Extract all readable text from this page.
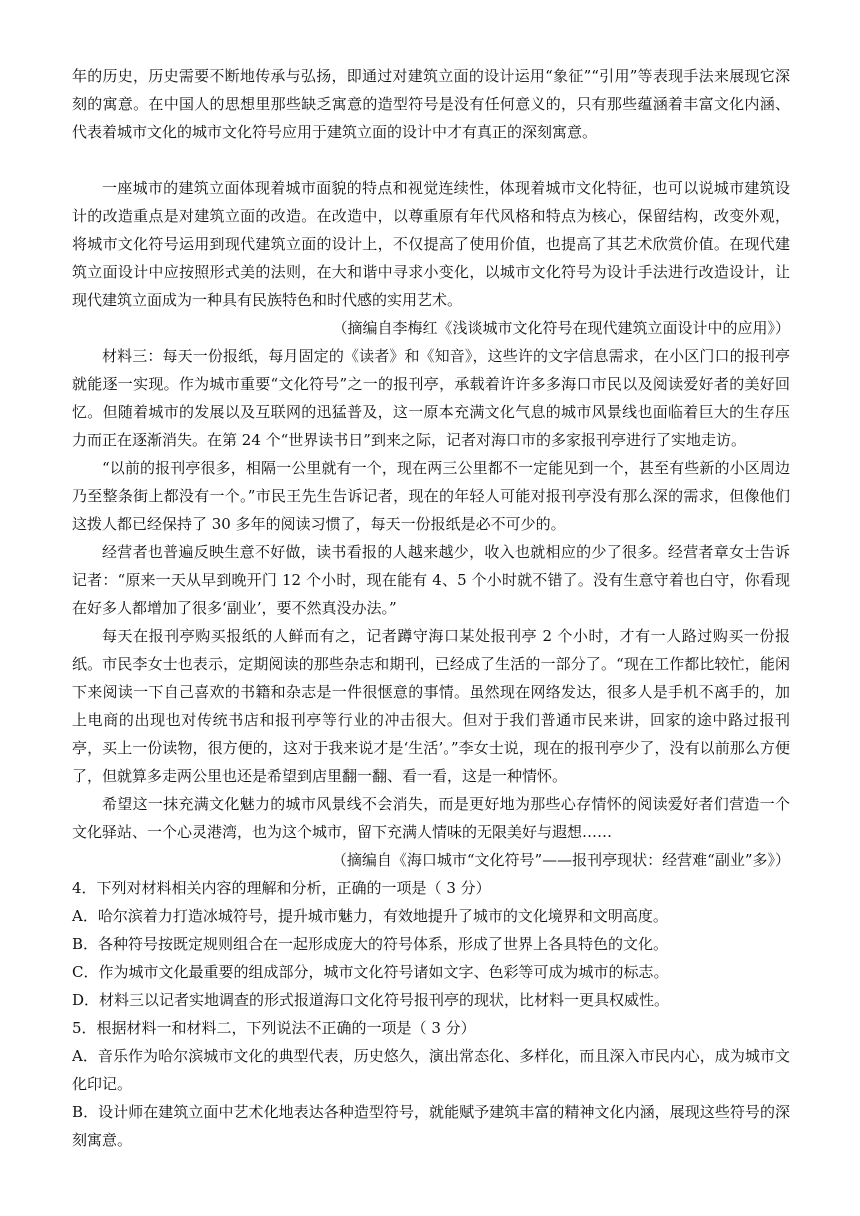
年的历史，历史需要不断地传承与弘扬，即通过对建筑立面的设计运用“象征”“引用”等表现手法来展现它深刻的寓意。在中国人的思想里那些缺乏寓意的造型符号是没有任何意义的，只有那些蕴涵着丰富文化内涵、代表着城市文化的城市文化符号应用于建筑立面的设计中才有真正的深刻寓意。

一座城市的建筑立面体现着城市面貌的特点和视觉连续性，体现着城市文化特征，也可以说城市建筑设计的改造重点是对建筑立面的改造。在改造中，以尊重原有年代风格和特点为核心，保留结构，改变外观，将城市文化符号运用到现代建筑立面的设计上，不仅提高了使用价值，也提高了其艺术欣赏价值。在现代建筑立面设计中应按照形式美的法则，在大和谐中寻求小变化，以城市文化符号为设计手法进行改造设计，让现代建筑立面成为一种具有民族特色和时代感的实用艺术。

（摘编自李梅红《浅谈城市文化符号在现代建筑立面设计中的应用》）

材料三：每天一份报纸，每月固定的《读者》和《知音》，这些许的文字信息需求，在小区门口的报刊亭就能逐一实现。作为城市重要“文化符号”之一的报刊亭，承载着许许多多海口市民以及阅读爱好者的美好回忆。但随着城市的发展以及互联网的迅猛普及，这一原本充满文化气息的城市风景线也面临着巨大的生存压力而正在逐渐消失。在第 24 个“世界读书日”到来之际，记者对海口市的多家报刊亭进行了实地走访。

“以前的报刊亭很多，相隔一公里就有一个，现在两三公里都不一定能见到一个，甚至有些新的小区周边乃至整条街上都没有一个。”市民王先生告诉记者，现在的年轻人可能对报刊亭没有那么深的需求，但像他们这拨人都已经保持了 30 多年的阅读习惯了，每天一份报纸是必不可少的。

经营者也普遍反映生意不好做，读书看报的人越来越少，收入也就相应的少了很多。经营者章女士告诉记者：“原来一天从早到晚开门 12 个小时，现在能有 4、5 个小时就不错了。没有生意守着也白守，你看现在好多人都增加了很多‘副业’，要不然真没办法。”

每天在报刊亭购买报纸的人鲜而有之，记者蹲守海口某处报刊亭 2 个小时，才有一人路过购买一份报纸。市民李女士也表示，定期阅读的那些杂志和期刊，已经成了生活的一部分了。“现在工作都比较忙，能闲下来阅读一下自己喜欢的书籍和杂志是一件很惬意的事情。虽然现在网络发达，很多人是手机不离手的，加上电商的出现也对传统书店和报刊亭等行业的冲击很大。但对于我们普通市民来讲，回家的途中路过报刊亭，买上一份读物，很方便的，这对于我来说才是‘生活’。”李女士说，现在的报刊亭少了，没有以前那么方便了，但就算多走两公里也还是希望到店里翻一翻、看一看，这是一种情怀。

希望这一抹充满文化魅力的城市风景线不会消失，而是更好地为那些心存情怀的阅读爱好者们营造一个文化驿站、一个心灵港湾，也为这个城市，留下充满人情味的无限美好与遐想……

（摘编自《海口城市“文化符号”——报刊亭现状：经营难“副业”多》）

4．下列对材料相关内容的理解和分析，正确的一项是（ 3 分）

A．哈尔滨着力打造冰城符号，提升城市魅力，有效地提升了城市的文化境界和文明高度。

B．各种符号按既定规则组合在一起形成庞大的符号体系，形成了世界上各具特色的文化。

C．作为城市文化最重要的组成部分，城市文化符号诸如文字、色彩等可成为城市的标志。

D．材料三以记者实地调查的形式报道海口文化符号报刊亭的现状，比材料一更具权威性。

5．根据材料一和材料二，下列说法不正确的一项是（ 3 分）

A．音乐作为哈尔滨城市文化的典型代表，历史悠久，演出常态化、多样化，而且深入市民内心，成为城市文化印记。

B．设计师在建筑立面中艺术化地表达各种造型符号，就能赋予建筑丰富的精神文化内涵，展现这些符号的深刻寓意。
